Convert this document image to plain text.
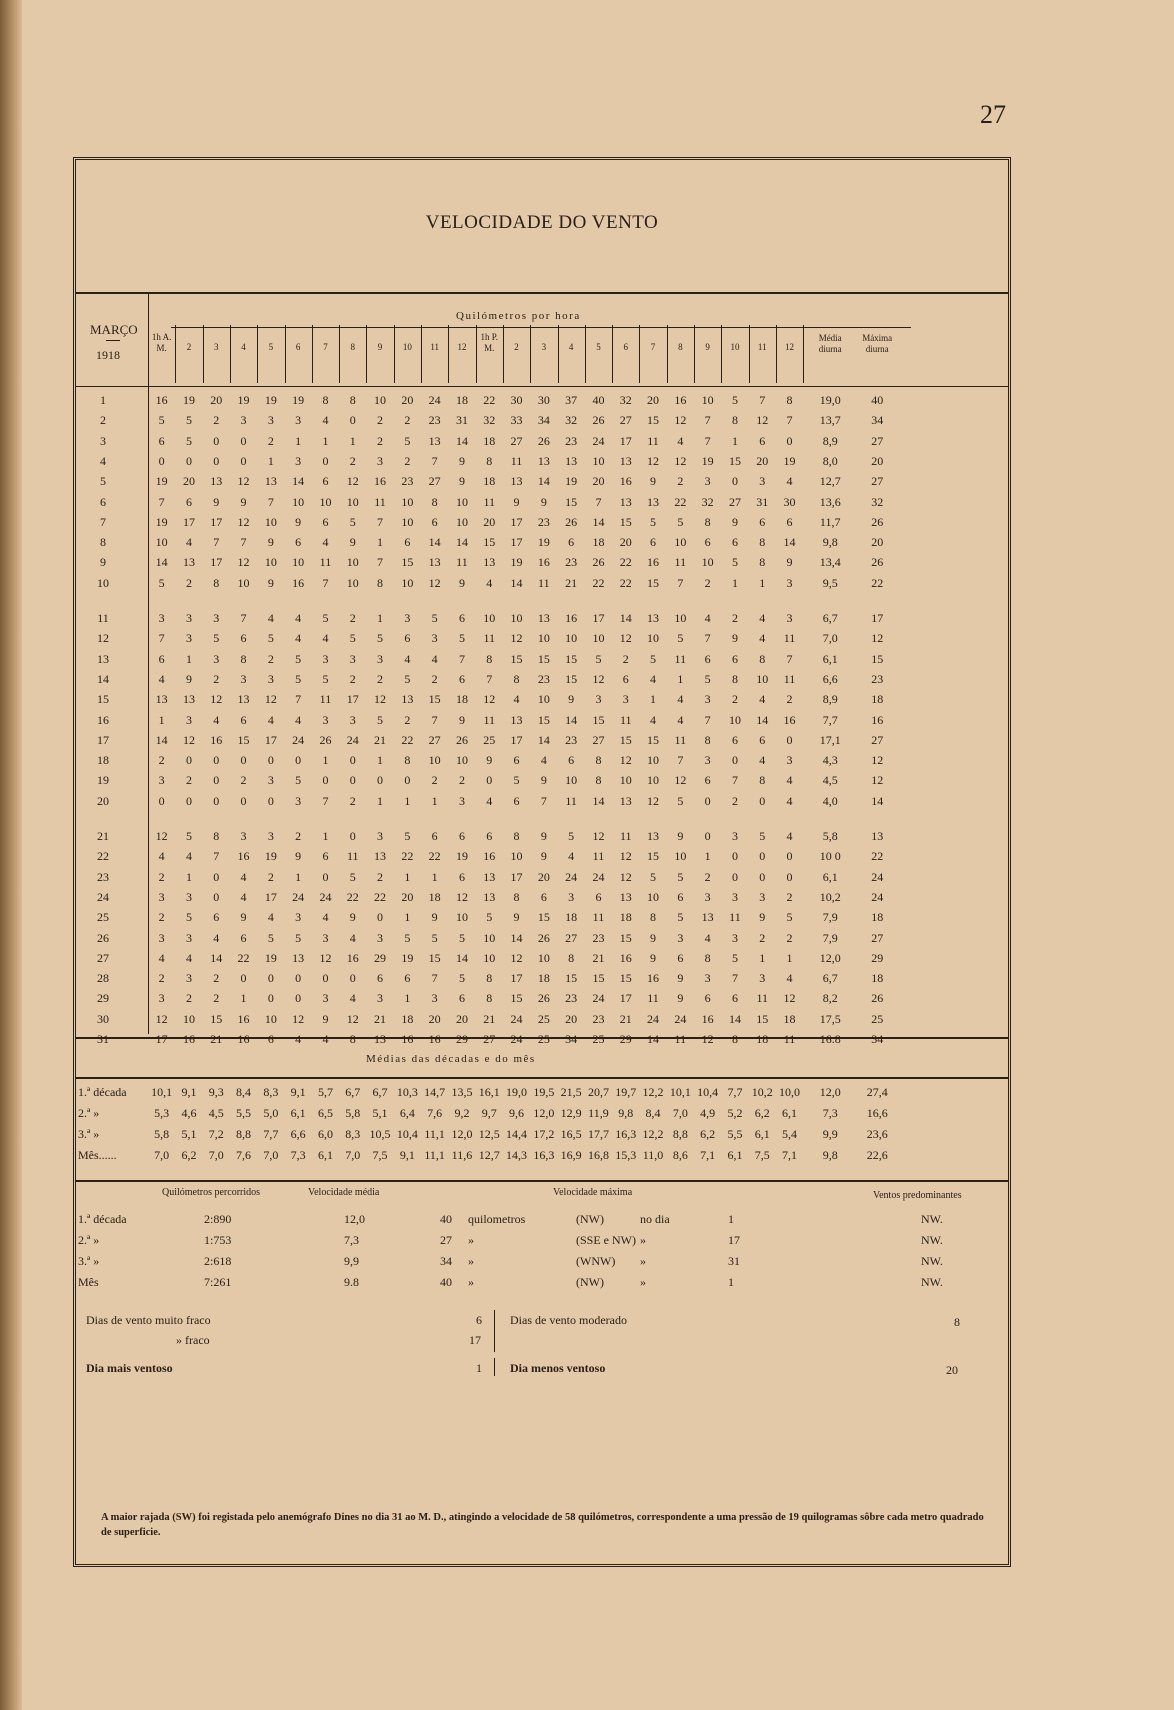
27
VELOCIDADE DO VENTO
MARÇO
1918
Quilómetros por hora
1h A. M.	2	3	4	5	6	7	8	9	10	11	12
1h P. M.	2	3	4	5	6	7	8	9	10	11	12
Média diurna
Máxima diurna
1	16	19	20	19	19	19	8	8	10	20	24	18	22	30	30	37	40	32	20	16	10	5	7	8	19,0	40
2	5	5	2	3	3	3	4	0	2	2	23	31	32	33	34	32	26	27	15	12	7	8	12	7	13,7	34
3	6	5	0	0	2	1	1	1	2	5	13	14	18	27	26	23	24	17	11	4	7	1	6	0	8,9	27
4	0	0	0	0	1	3	0	2	3	2	7	9	8	11	13	13	10	13	12	12	19	15	20	19	8,0	20
5	19	20	13	12	13	14	6	12	16	23	27	9	18	13	14	19	20	16	9	2	3	0	3	4	12,7	27
6	7	6	9	9	7	10	10	10	11	10	8	10	11	9	9	15	7	13	13	22	32	27	31	30	13,6	32
7	19	17	17	12	10	9	6	5	7	10	6	10	20	17	23	26	14	15	5	5	8	9	6	6	11,7	26
8	10	4	7	7	9	6	4	9	1	6	14	14	15	17	19	6	18	20	6	10	6	6	8	14	9,8	20
9	14	13	17	12	10	10	11	10	7	15	13	11	13	19	16	23	26	22	16	11	10	5	8	9	13,4	26
10	5	2	8	10	9	16	7	10	8	10	12	9	4	14	11	21	22	22	15	7	2	1	1	3	9,5	22
11	3	3	3	7	4	4	5	2	1	3	5	6	10	10	13	16	17	14	13	10	4	2	4	3	6,7	17
12	7	3	5	6	5	4	4	5	5	6	3	5	11	12	10	10	10	12	10	5	7	9	4	11	7,0	12
13	6	1	3	8	2	5	3	3	3	4	4	7	8	15	15	15	5	2	5	11	6	6	8	7	6,1	15
14	4	9	2	3	3	5	5	2	2	5	2	6	7	8	23	15	12	6	4	1	5	8	10	11	6,6	23
15	13	13	12	13	12	7	11	17	12	13	15	18	12	4	10	9	3	3	1	4	3	2	4	2	8,9	18
16	1	3	4	6	4	4	3	3	5	2	7	9	11	13	15	14	15	11	4	4	7	10	14	16	7,7	16
17	14	12	16	15	17	24	26	24	21	22	27	26	25	17	14	23	27	15	15	11	8	6	6	0	17,1	27
18	2	0	0	0	0	0	1	0	1	8	10	10	9	6	4	6	8	12	10	7	3	0	4	3	4,3	12
19	3	2	0	2	3	5	0	0	0	0	2	2	0	5	9	10	8	10	10	12	6	7	8	4	4,5	12
20	0	0	0	0	0	3	7	2	1	1	1	3	4	6	7	11	14	13	12	5	0	2	0	4	4,0	14
21	12	5	8	3	3	2	1	0	3	5	6	6	6	8	9	5	12	11	13	9	0	3	5	4	5,8	13
22	4	4	7	16	19	9	6	11	13	22	22	19	16	10	9	4	11	12	15	10	1	0	0	0	10 0	22
23	2	1	0	4	2	1	0	5	2	1	1	6	13	17	20	24	24	12	5	5	2	0	0	0	6,1	24
24	3	3	0	4	17	24	24	22	22	20	18	12	13	8	6	3	6	13	10	6	3	3	3	2	10,2	24
25	2	5	6	9	4	3	4	9	0	1	9	10	5	9	15	18	11	18	8	5	13	11	9	5	7,9	18
26	3	3	4	6	5	5	3	4	3	5	5	5	10	14	26	27	23	15	9	3	4	3	2	2	7,9	27
27	4	4	14	22	19	13	12	16	29	19	15	14	10	12	10	8	21	16	9	6	8	5	1	1	12,0	29
28	2	3	2	0	0	0	0	0	6	6	7	5	8	17	18	15	15	15	16	9	3	7	3	4	6,7	18
29	3	2	2	1	0	0	3	4	3	1	3	6	8	15	26	23	24	17	11	9	6	6	11	12	8,2	26
30	12	10	15	16	10	12	9	12	21	18	20	20	21	24	25	20	23	21	24	24	16	14	15	18	17,5	25
31	17	16	21	16	6	4	4	8	13	16	16	29	27	24	25	34	25	29	14	11	12	8	18	11	16.8	34
Médias das décadas e do mês
1.ª década 10,1 9,1	9,3	8,4	8,3	9,1	5,7	6,7	6,7 10,3 14,7 13,5 16,1 19,0 19,5 21,5 20,7 19,7 12,2 10,1 10,4 7,7 10,2 10,0	12,0	27,4
2.ª »	5,3	4,6	4,5	5,5	5,0	6,1	6,5	5,8	5,1	6,4	7,6	9,2	9,7	9,6 12,0 12,9 11,9 9,8	8,4	7,0	4,9	5,2	6,2	6,1	7,3	16,6
3.ª »	5,8	5,1	7,2	8,8	7,7	6,6	6,0	8,3 10,5 10,4 11,1 12,0 12,5 14,4 17,2 16,5 17,7 16,3 12,2 8,8	6,2	5,5	6,1	5,4	9,9	23,6
Mês......	7,0	6,2	7,0	7,6	7,0	7,3	6,1	7,0	7,5	9,1 11,1 11,6 12,7 14,3 16,3 16,9 16,8 15,3 11,0 8,6	7,1	6,1	7,5	7,1	9,8	22,6
Quilómetros percorridos	Velocidade média	Velocidade máxima	Ventos predominantes
1.ª década	2:890	12,0	40 quilometros	(NW)	no dia	1	NW.
2.ª »	1:753	7,3	27 »	(SSE e NW) »	17	NW.
3.ª »	2:618	9,9	34 »	(WNW) »	31	NW.
Mês	7:261	9.8	40 »	(NW)	»	1	NW.
Dias de vento muito fraco	6
» fraco	17
Dias de vento moderado	8
Dia mais ventoso	1 Dia menos ventoso	20
A maior rajada (SW) foi registada pelo anemógrafo Dines no dia 31 ao M. D., atingindo a velocidade de 58 quilómetros, correspondente a uma pressão de 19 quilogramas sôbre cada metro quadrado de superficie.
